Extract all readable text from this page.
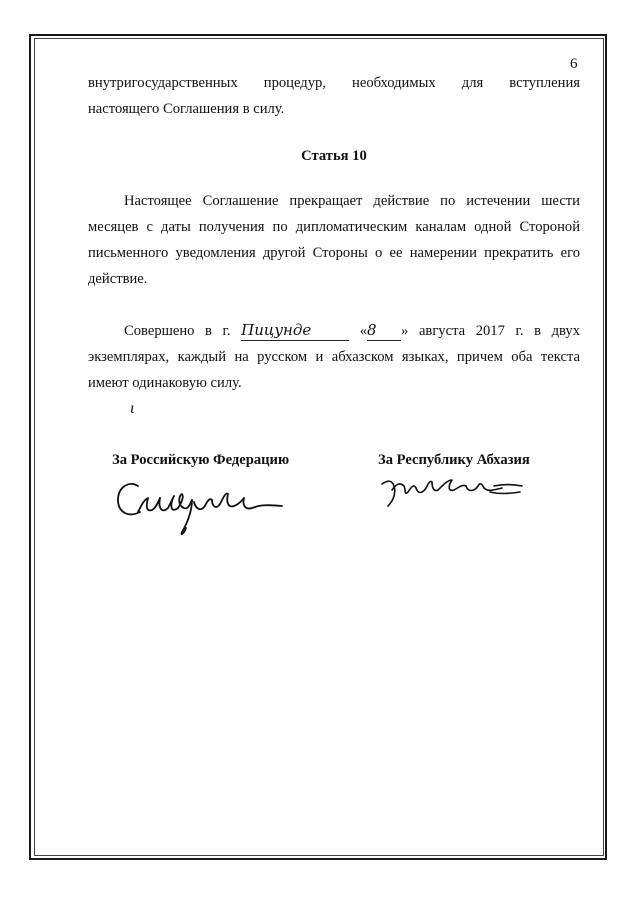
6
внутригосударственных процедур, необходимых для вступления
настоящего Соглашения в силу.
Статья 10
Настоящее Соглашение прекращает действие по истечении шести
месяцев с даты получения по дипломатическим каналам одной Стороной
письменного уведомления другой Стороны о ее намерении прекратить его
действие.
Совершено в г. Пицунде	«8 » августа 2017 г. в двух
экземплярах, каждый на русском и абхазском языках, причем оба текста
имеют одинаковую силу.
ɩ
За Российскую Федерацию	За Республику Абхазия
